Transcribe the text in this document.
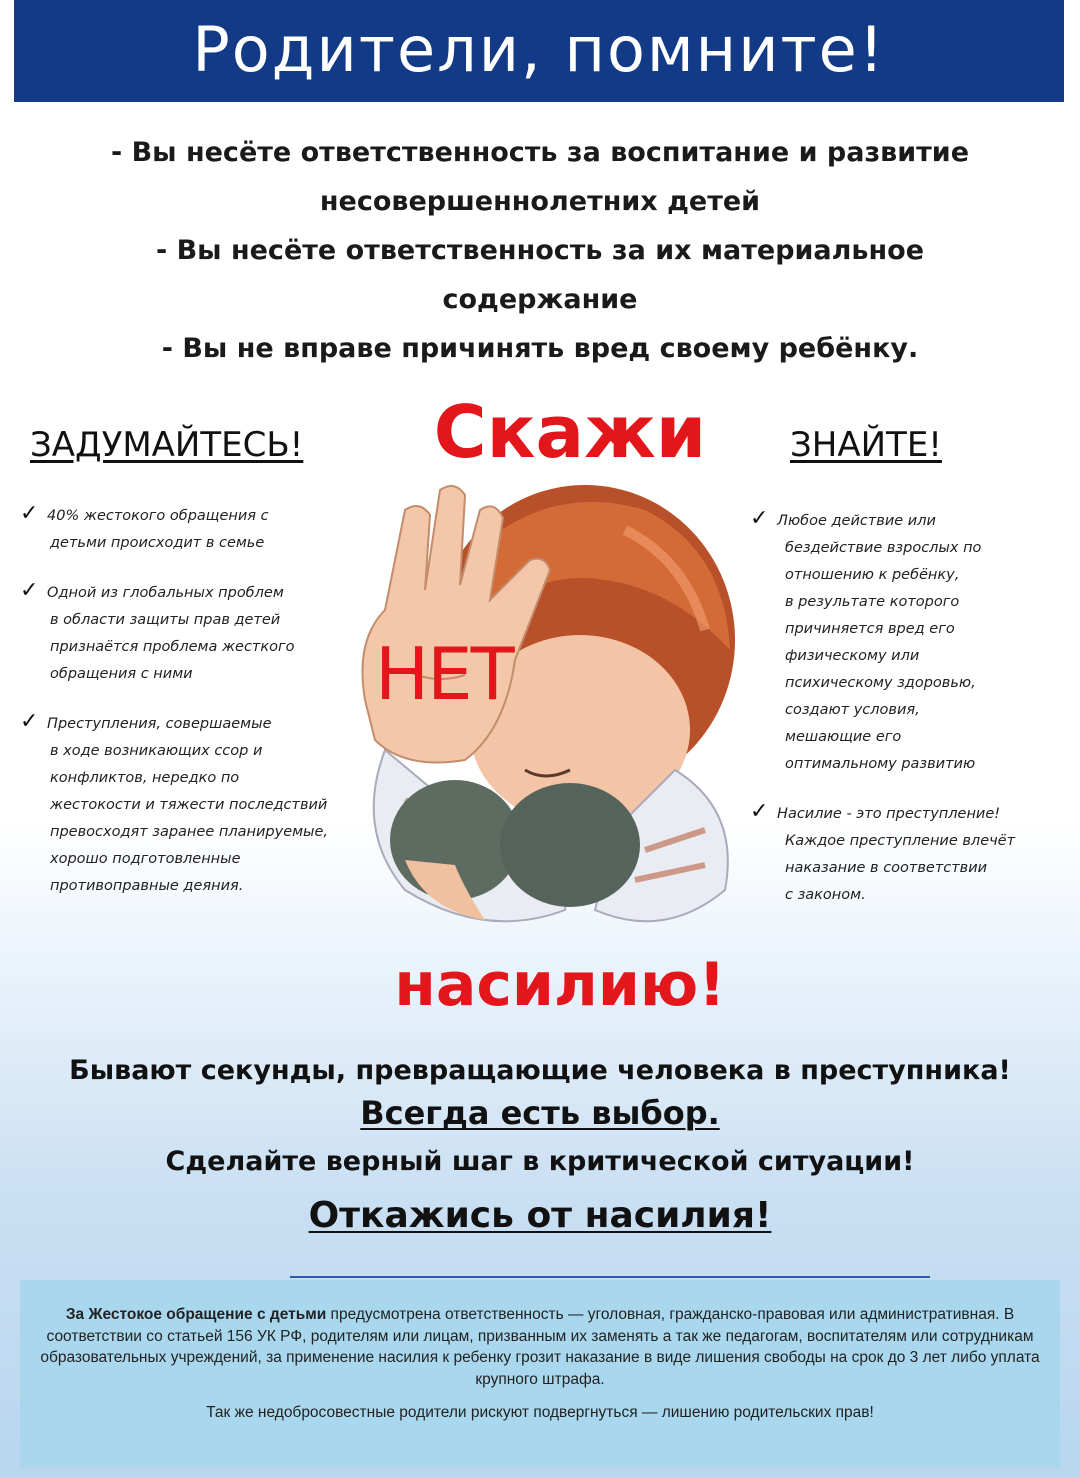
Родители, помните!
- Вы несёте ответственность за воспитание и развитие
несовершеннолетних детей
- Вы несёте ответственность за их материальное
содержание
- Вы не вправе причинять вред своему ребёнку.
ЗАДУМАЙТЕСЬ!	ЗНАЙТЕ!
Скажи
НЕТ
✓ 40% жестокого обращения с
детьми происходит в семье
✓ Одной из глобальных проблем
в области защиты прав детей
признаётся проблема жесткого
обращения с ними
✓ Преступления, совершаемые
в ходе возникающих ссор и
конфликтов, нередко по
жестокости и тяжести последствий
превосходят заранее планируемые,
хорошо подготовленные
противоправные деяния.
✓ Любое действие или
бездействие взрослых по
отношению к ребёнку,
в результате которого
причиняется вред его
физическому или
психическому здоровью,
создают условия,
мешающие его
оптимальному развитию
✓ Насилие - это преступление!
Каждое преступление влечёт
наказание в соответствии
с законом.
насилию!
Бывают секунды, превращающие человека в преступника!
Всегда есть выбор.
Сделайте верный шаг в критической ситуации!
Откажись от насилия!
За Жестокое обращение с детьми предусмотрена ответственность — уголовная, гражданско-правовая или административная. В соответствии со статьей 156 УК РФ, родителям или лицам, призванным их заменять а так же педагогам, воспитателям или сотрудникам образовательных учреждений, за применение насилия к ребенку грозит наказание в виде лишения свободы на срок до 3 лет либо уплата крупного штрафа.
Так же недобросовестные родители рискуют подвергнуться — лишению родительских прав!
